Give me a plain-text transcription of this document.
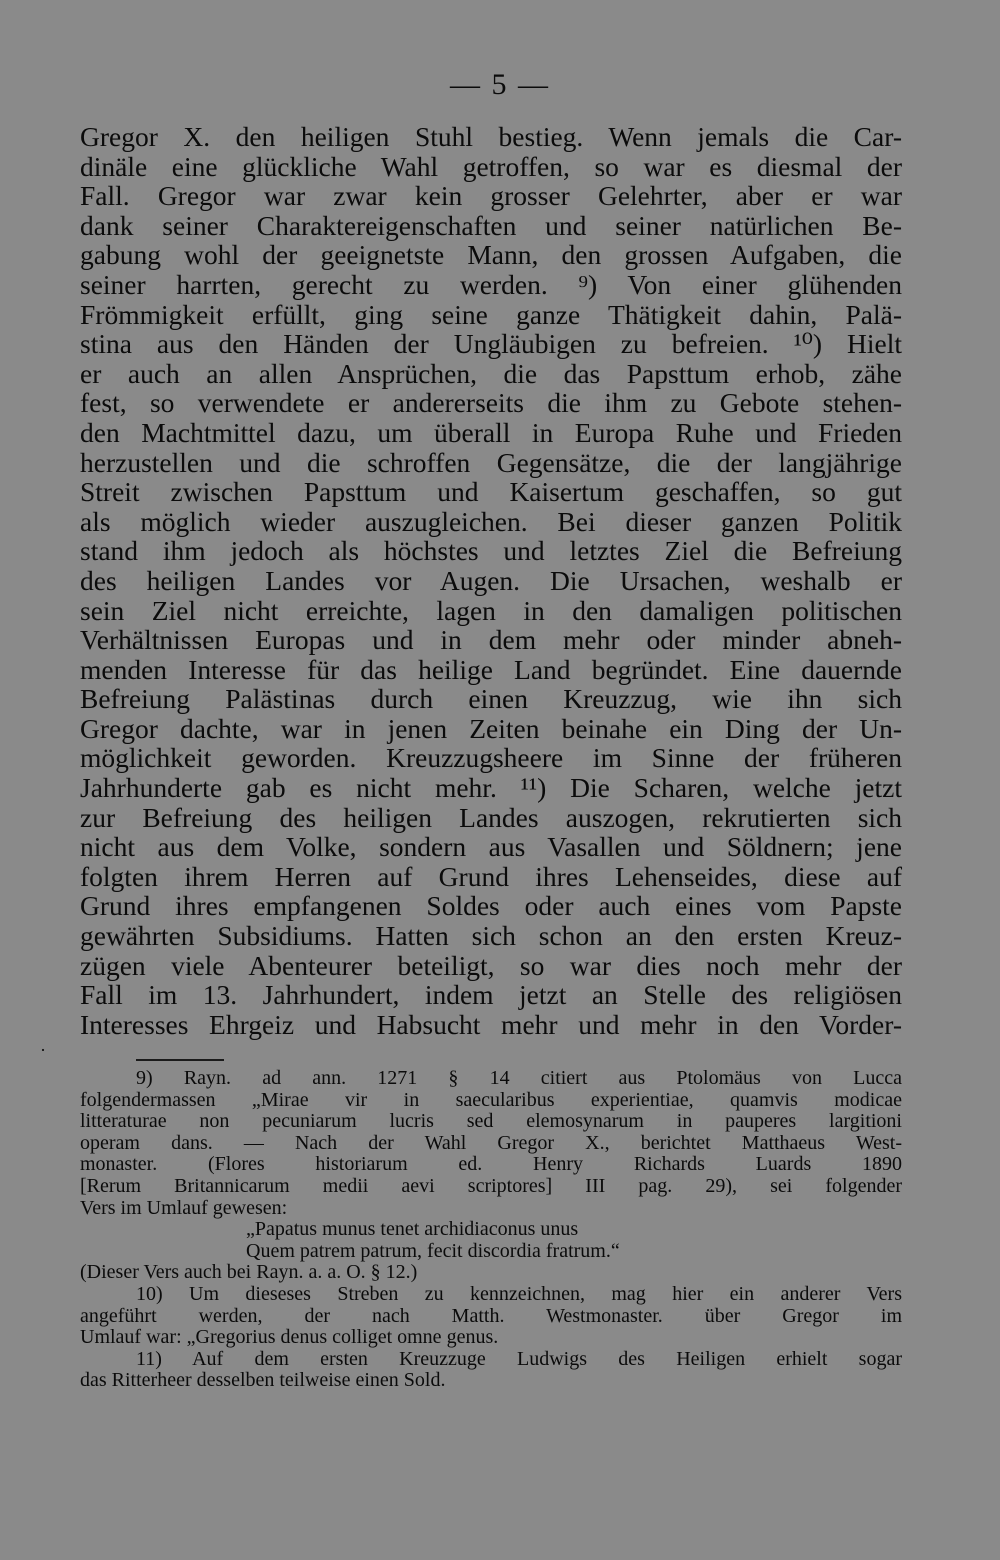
— 5 —
Gregor X. den heiligen Stuhl bestieg. Wenn jemals die Car-
dinäle eine glückliche Wahl getroffen, so war es diesmal der
Fall. Gregor war zwar kein grosser Gelehrter, aber er war
dank seiner Charaktereigenschaften und seiner natürlichen Be-
gabung wohl der geeignetste Mann, den grossen Aufgaben, die
seiner harrten, gerecht zu werden. ⁹) Von einer glühenden
Frömmigkeit erfüllt, ging seine ganze Thätigkeit dahin, Palä-
stina aus den Händen der Ungläubigen zu befreien. ¹⁰) Hielt
er auch an allen Ansprüchen, die das Papsttum erhob, zähe
fest, so verwendete er andererseits die ihm zu Gebote stehen-
den Machtmittel dazu, um überall in Europa Ruhe und Frieden
herzustellen und die schroffen Gegensätze, die der langjährige
Streit zwischen Papsttum und Kaisertum geschaffen, so gut
als möglich wieder auszugleichen. Bei dieser ganzen Politik
stand ihm jedoch als höchstes und letztes Ziel die Befreiung
des heiligen Landes vor Augen. Die Ursachen, weshalb er
sein Ziel nicht erreichte, lagen in den damaligen politischen
Verhältnissen Europas und in dem mehr oder minder abneh-
menden Interesse für das heilige Land begründet. Eine dauernde
Befreiung Palästinas durch einen Kreuzzug, wie ihn sich
Gregor dachte, war in jenen Zeiten beinahe ein Ding der Un-
möglichkeit geworden. Kreuzzugsheere im Sinne der früheren
Jahrhunderte gab es nicht mehr. ¹¹) Die Scharen, welche jetzt
zur Befreiung des heiligen Landes auszogen, rekrutierten sich
nicht aus dem Volke, sondern aus Vasallen und Söldnern; jene
folgten ihrem Herren auf Grund ihres Lehenseides, diese auf
Grund ihres empfangenen Soldes oder auch eines vom Papste
gewährten Subsidiums. Hatten sich schon an den ersten Kreuz-
zügen viele Abenteurer beteiligt, so war dies noch mehr der
Fall im 13. Jahrhundert, indem jetzt an Stelle des religiösen
Interesses Ehrgeiz und Habsucht mehr und mehr in den Vorder-
·
9) Rayn. ad ann. 1271 § 14 citiert aus Ptolomäus von Lucca
folgendermassen „Mirae vir in saecularibus experientiae, quamvis modicae
litteraturae non pecuniarum lucris sed elemosynarum in pauperes largitioni
operam dans. — Nach der Wahl Gregor X., berichtet Matthaeus West-
monaster. (Flores historiarum ed. Henry Richards Luards 1890
[Rerum Britannicarum medii aevi scriptores] III pag. 29), sei folgender
Vers im Umlauf gewesen:
„Papatus munus tenet archidiaconus unus
Quem patrem patrum, fecit discordia fratrum.“
(Dieser Vers auch bei Rayn. a. a. O. § 12.)
10) Um dieseses Streben zu kennzeichnen, mag hier ein anderer Vers
angeführt werden, der nach Matth. Westmonaster. über Gregor im
Umlauf war: „Gregorius denus colliget omne genus.
11) Auf dem ersten Kreuzzuge Ludwigs des Heiligen erhielt sogar
das Ritterheer desselben teilweise einen Sold.
